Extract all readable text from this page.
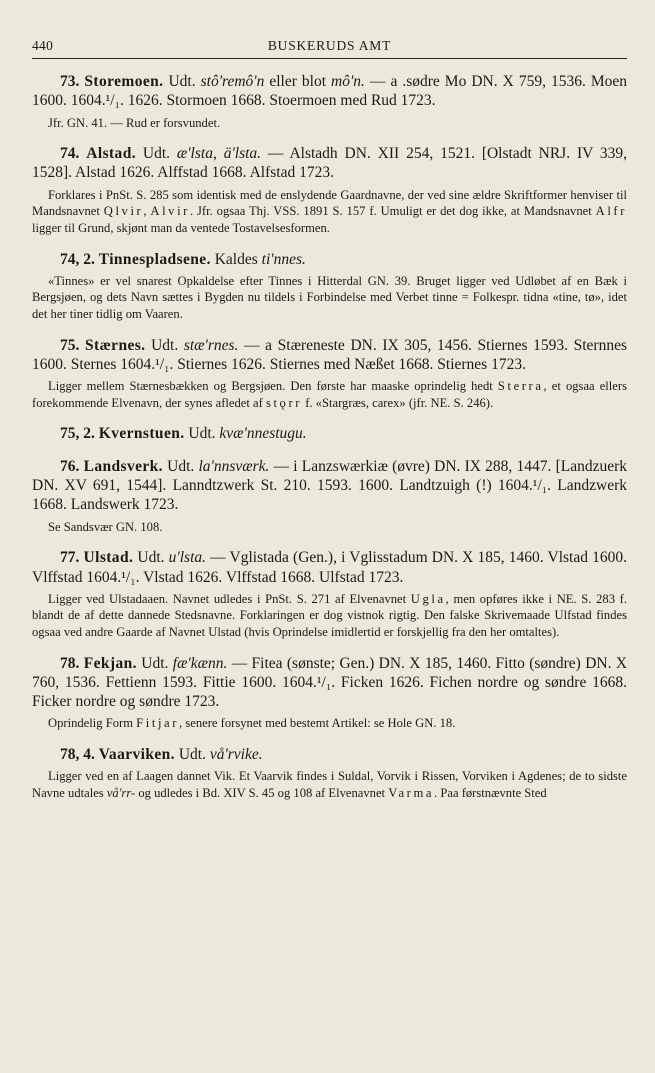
440	BUSKERUDS AMT

73. Storemoen. Udt. stô'remô'n eller blot mô'n. — a .sødre Mo DN. X 759, 1536. Moen 1600. 1604.¹/₁. 1626. Stormoen 1668. Stoermoen med Rud 1723.

Jfr. GN. 41. — Rud er forsvundet.

74. Alstad. Udt. æ'lsta, ä'lsta. — Alstadh DN. XII 254, 1521. [Olstadt NRJ. IV 339, 1528]. Alstad 1626. Alffstad 1668. Alfstad 1723.

Forklares i PnSt. S. 285 som identisk med de enslydende Gaardnavne, der ved sine ældre Skriftformer henviser til Mandsnavnet Qlvir, Alvir. Jfr. ogsaa Thj. VSS. 1891 S. 157 f. Umuligt er det dog ikke, at Mandsnavnet Alfr ligger til Grund, skjønt man da ventede Tostavelsesformen.

74, 2. Tinnespladsene. Kaldes ti'nnes.

«Tinnes» er vel snarest Opkaldelse efter Tinnes i Hitterdal GN. 39. Bruget ligger ved Udløbet af en Bæk i Bergsjøen, og dets Navn sættes i Bygden nu tildels i Forbindelse med Verbet tinne = Folkespr. tidna «tine, tø», idet det her tiner tidlig om Vaaren.

75. Stærnes. Udt. stæ'rnes. — a Stæreneste DN. IX 305, 1456. Stiernes 1593. Sternnes 1600. Sternes 1604.¹/₁. Stiernes 1626. Stiernes med Næßet 1668. Stiernes 1723.

Ligger mellem Stærnesbækken og Bergsjøen. Den første har maaske oprindelig hedt Sterra, et ogsaa ellers forekommende Elvenavn, der synes afledet af stǫrr f. «Stargræs, carex» (jfr. NE. S. 246).

75, 2. Kvernstuen. Udt. kvæ'nnestugu.

76. Landsverk. Udt. la'nnsværk. — i Lanzswærkiæ (øvre) DN. IX 288, 1447. [Landzuerk DN. XV 691, 1544]. Lanndtzwerk St. 210. 1593. 1600. Landtzuigh (!) 1604.¹/₁. Landzwerk 1668. Landswerk 1723.

Se Sandsvær GN. 108.

77. Ulstad. Udt. u'lsta. — Vglistada (Gen.), i Vglisstadum DN. X 185, 1460. Vlstad 1600. Vlffstad 1604.¹/₁. Vlstad 1626. Vlffstad 1668. Ulfstad 1723.

Ligger ved Ulstadaaen. Navnet udledes i PnSt. S. 271 af Elvenavnet Ugla, men opføres ikke i NE. S. 283 f. blandt de af dette dannede Stedsnavne. Forklaringen er dog vistnok rigtig. Den falske Skrivemaade Ulfstad findes ogsaa ved andre Gaarde af Navnet Ulstad (hvis Oprindelse imidlertid er forskjellig fra den her omtaltes).

78. Fekjan. Udt. fæ'kænn. — Fitea (sønste; Gen.) DN. X 185, 1460. Fitto (søndre) DN. X 760, 1536. Fettienn 1593. Fittie 1600. 1604.¹/₁. Ficken 1626. Fichen nordre og søndre 1668. Ficker nordre og søndre 1723.

Oprindelig Form Fitjar, senere forsynet med bestemt Artikel: se Hole GN. 18.

78, 4. Vaarviken. Udt. vå'rvike.

Ligger ved en af Laagen dannet Vik. Et Vaarvik findes i Suldal, Vorvik i Rissen, Vorviken i Agdenes; de to sidste Navne udtales vå'rr- og udledes i Bd. XIV S. 45 og 108 af Elvenavnet Varma. Paa førstnævnte Sted
